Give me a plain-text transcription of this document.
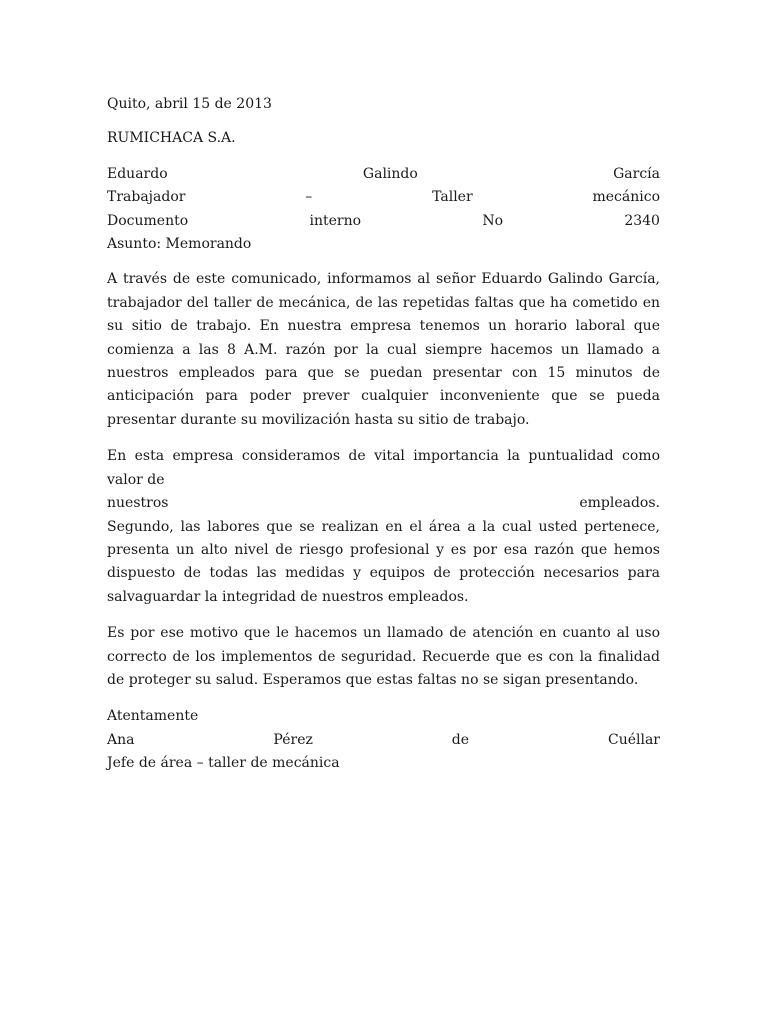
Quito, abril 15 de 2013
RUMICHACA S.A.
Eduardo	Galindo	García
Trabajador	–	Taller	mecánico
Documento	interno	No	2340
Asunto: Memorando

A través de este comunicado, informamos al señor Eduardo Galindo García, trabajador del taller de mecánica, de las repetidas faltas que ha cometido en su sitio de trabajo. En nuestra empresa tenemos un horario laboral que comienza a las 8 A.M. razón por la cual siempre hacemos un llamado a nuestros empleados para que se puedan presentar con 15 minutos de anticipación para poder prever cualquier inconveniente que se pueda presentar durante su movilización hasta su sitio de trabajo.

En esta empresa consideramos de vital importancia la puntualidad como valor de

nuestros	empleados.

Segundo, las labores que se realizan en el área a la cual usted pertenece, presenta un alto nivel de riesgo profesional y es por esa razón que hemos dispuesto de todas las medidas y equipos de protección necesarios para salvaguardar la integridad de nuestros empleados.

Es por ese motivo que le hacemos un llamado de atención en cuanto al uso correcto de los implementos de seguridad. Recuerde que es con la finalidad de proteger su salud. Esperamos que estas faltas no se sigan presentando.

Atentamente
Ana	Pérez	de	Cuéllar
Jefe de área – taller de mecánica
